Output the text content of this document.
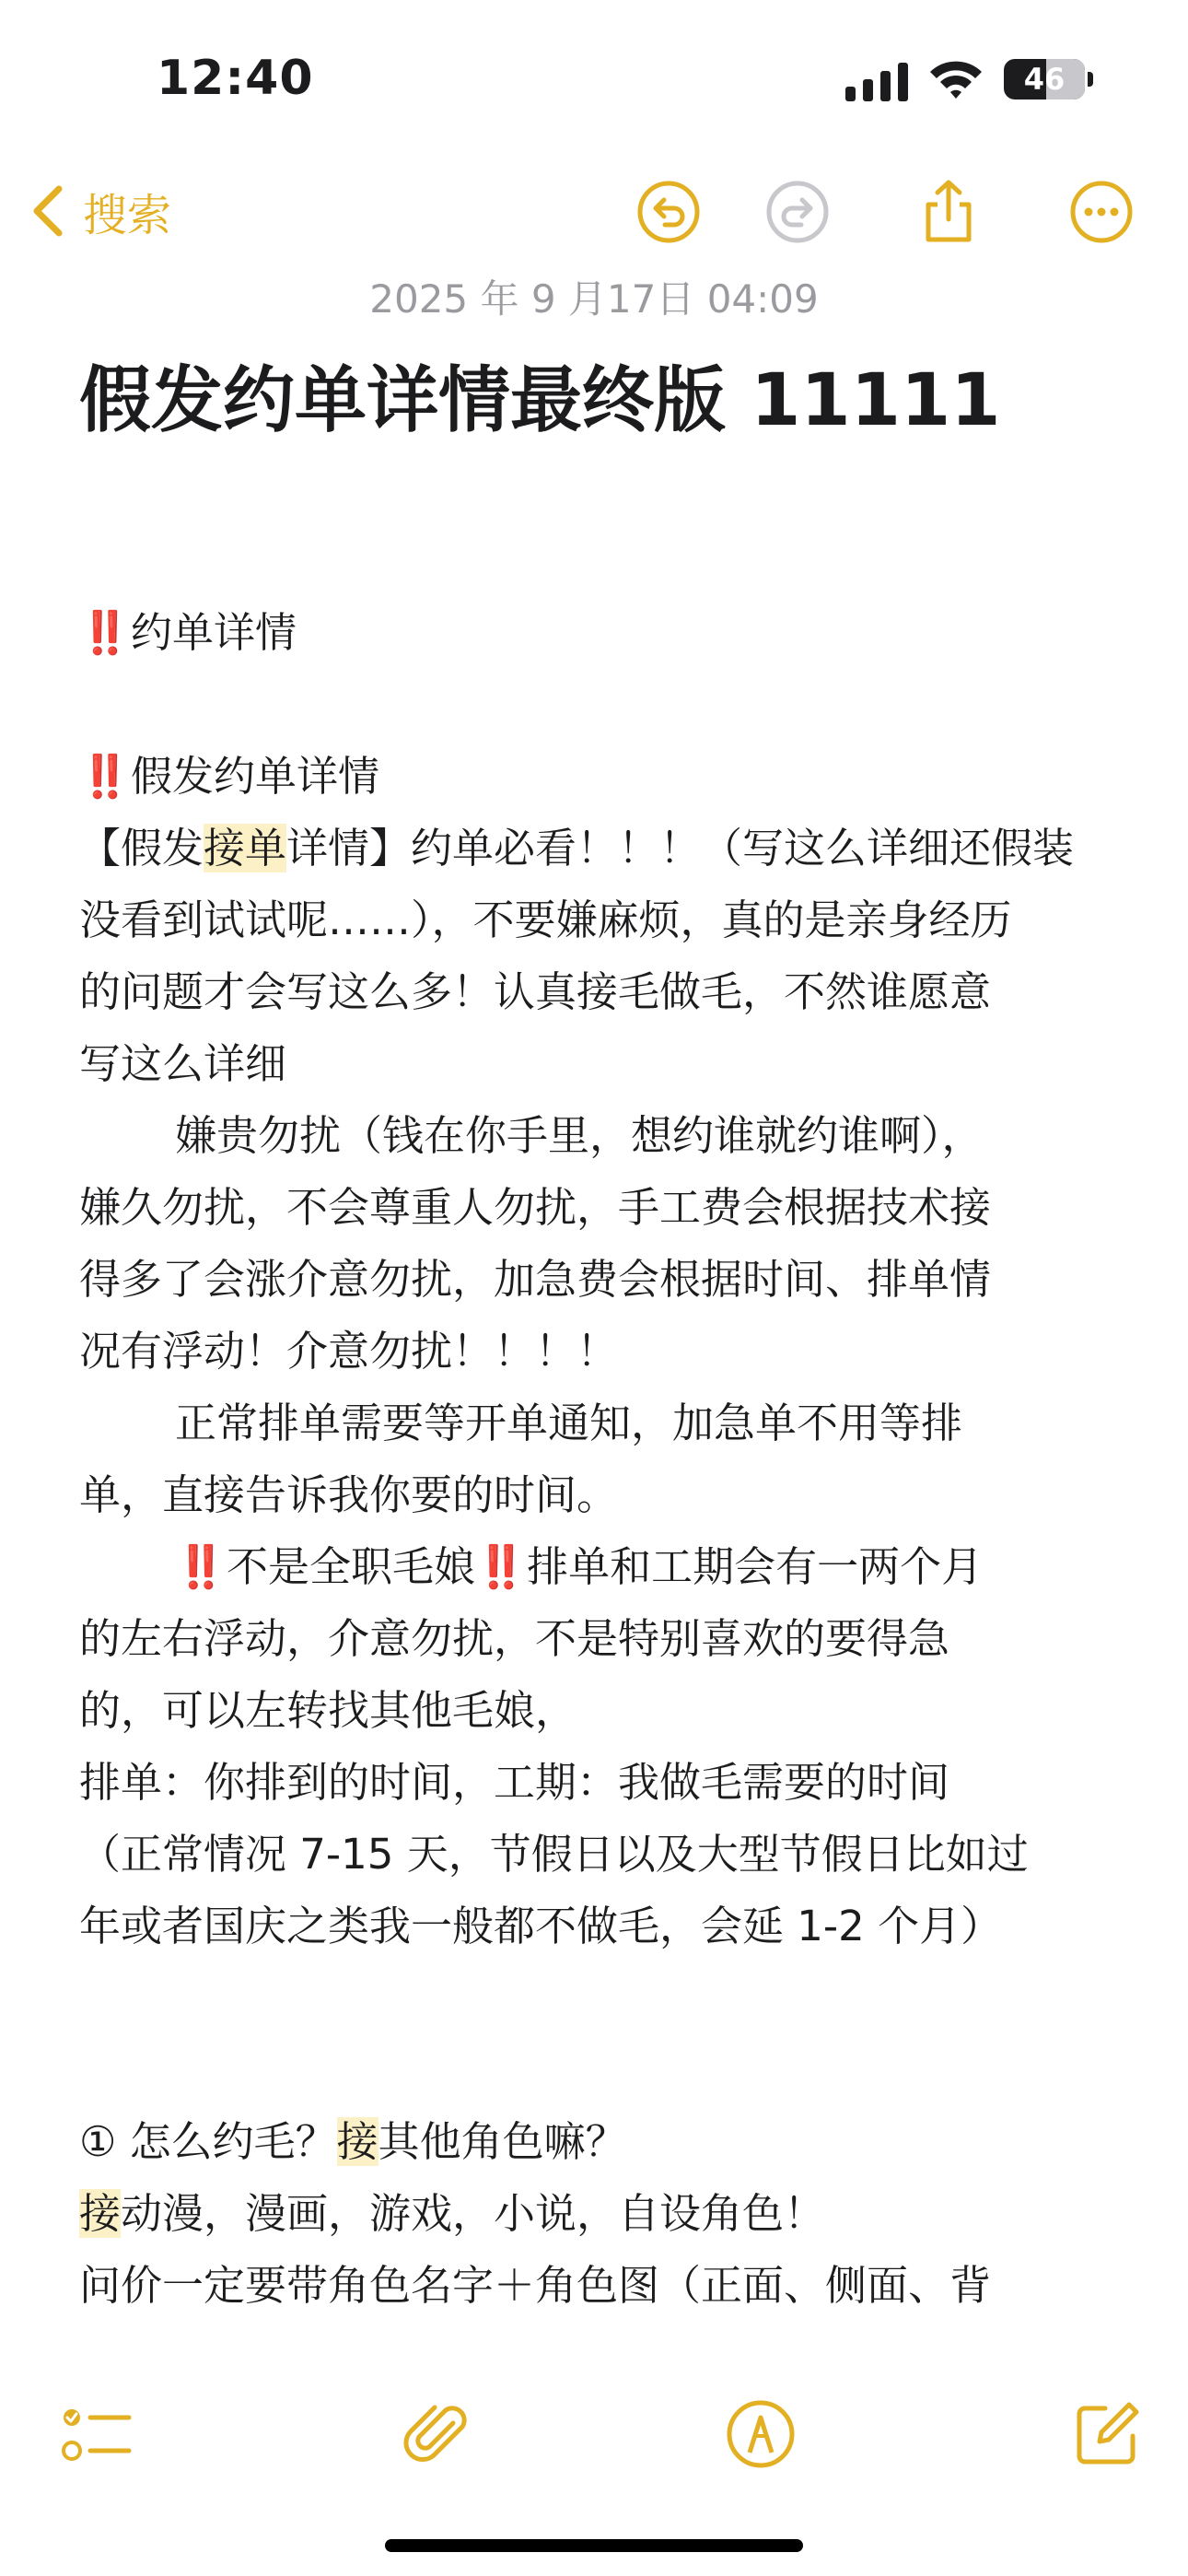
12:40	46
搜索
2025 年 9 月17日 04:09
假发约单详情最终版 11111

‼️约单详情

‼️假发约单详情

【假发接单详情】约单必看！！！（写这么详细还假装

没看到试试呢……），不要嫌麻烦，真的是亲身经历

的问题才会写这么多！认真接毛做毛，不然谁愿意

写这么详细

嫌贵勿扰（钱在你手里，想约谁就约谁啊），

嫌久勿扰，不会尊重人勿扰，手工费会根据技术接

得多了会涨介意勿扰，加急费会根据时间、排单情

况有浮动！介意勿扰！！！！

正常排单需要等开单通知，加急单不用等排

单，直接告诉我你要的时间。

‼️不是全职毛娘‼️排单和工期会有一两个月

的左右浮动，介意勿扰，不是特别喜欢的要得急

的，可以左转找其他毛娘，

排单：你排到的时间，工期：我做毛需要的时间

（正常情况 7-15 天，节假日以及大型节假日比如过

年或者国庆之类我一般都不做毛，会延 1-2 个月）

① 怎么约毛？接其他角色嘛？

接动漫，漫画，游戏，小说，自设角色！

问价一定要带角色名字＋角色图（正面、侧面、背
